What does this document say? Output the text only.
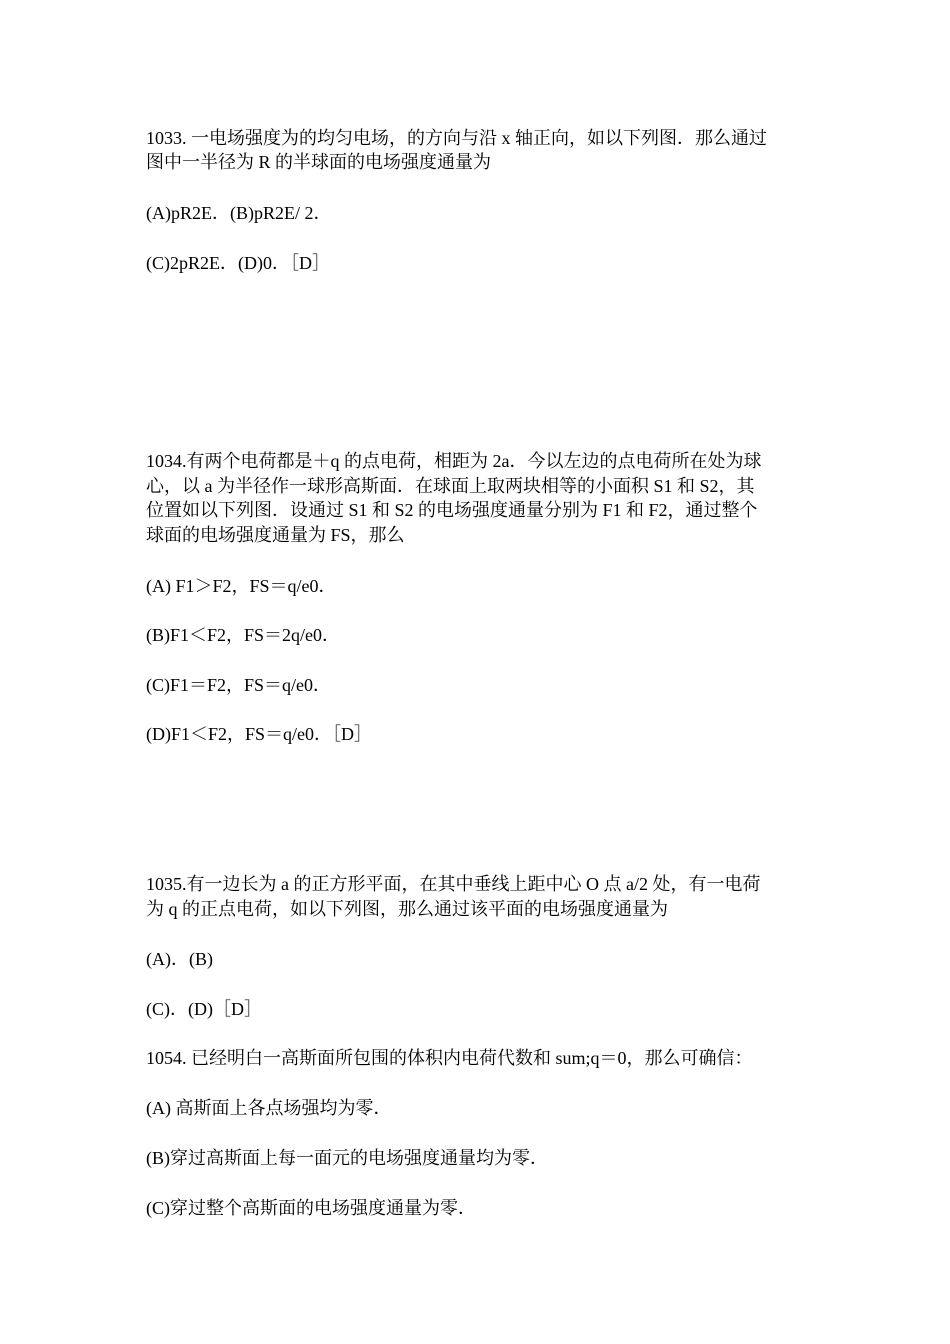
1033. 一电场强度为的均匀电场，的方向与沿 x 轴正向，如以下列图．那么通过
图中一半径为 R 的半球面的电场强度通量为
(A)pR2E．(B)pR2E/ 2．
(C)2pR2E．(D)0．［D］
1034.有两个电荷都是＋q 的点电荷，相距为 2a．今以左边的点电荷所在处为球
心，以 a 为半径作一球形高斯面．在球面上取两块相等的小面积 S1 和 S2，其
位置如以下列图．设通过 S1 和 S2 的电场强度通量分别为 F1 和 F2，通过整个
球面的电场强度通量为 FS，那么
(A) F1＞F2，FS＝q/e0．
(B)F1＜F2，FS＝2q/e0．
(C)F1＝F2，FS＝q/e0．
(D)F1＜F2，FS＝q/e0．［D］
1035.有一边长为 a 的正方形平面，在其中垂线上距中心 O 点 a/2 处，有一电荷
为 q 的正点电荷，如以下列图，那么通过该平面的电场强度通量为
(A)．(B)
(C)．(D)［D］
1054. 已经明白一高斯面所包围的体积内电荷代数和 sum;q＝0，那么可确信：
(A) 高斯面上各点场强均为零．
(B)穿过高斯面上每一面元的电场强度通量均为零．
(C)穿过整个高斯面的电场强度通量为零．
